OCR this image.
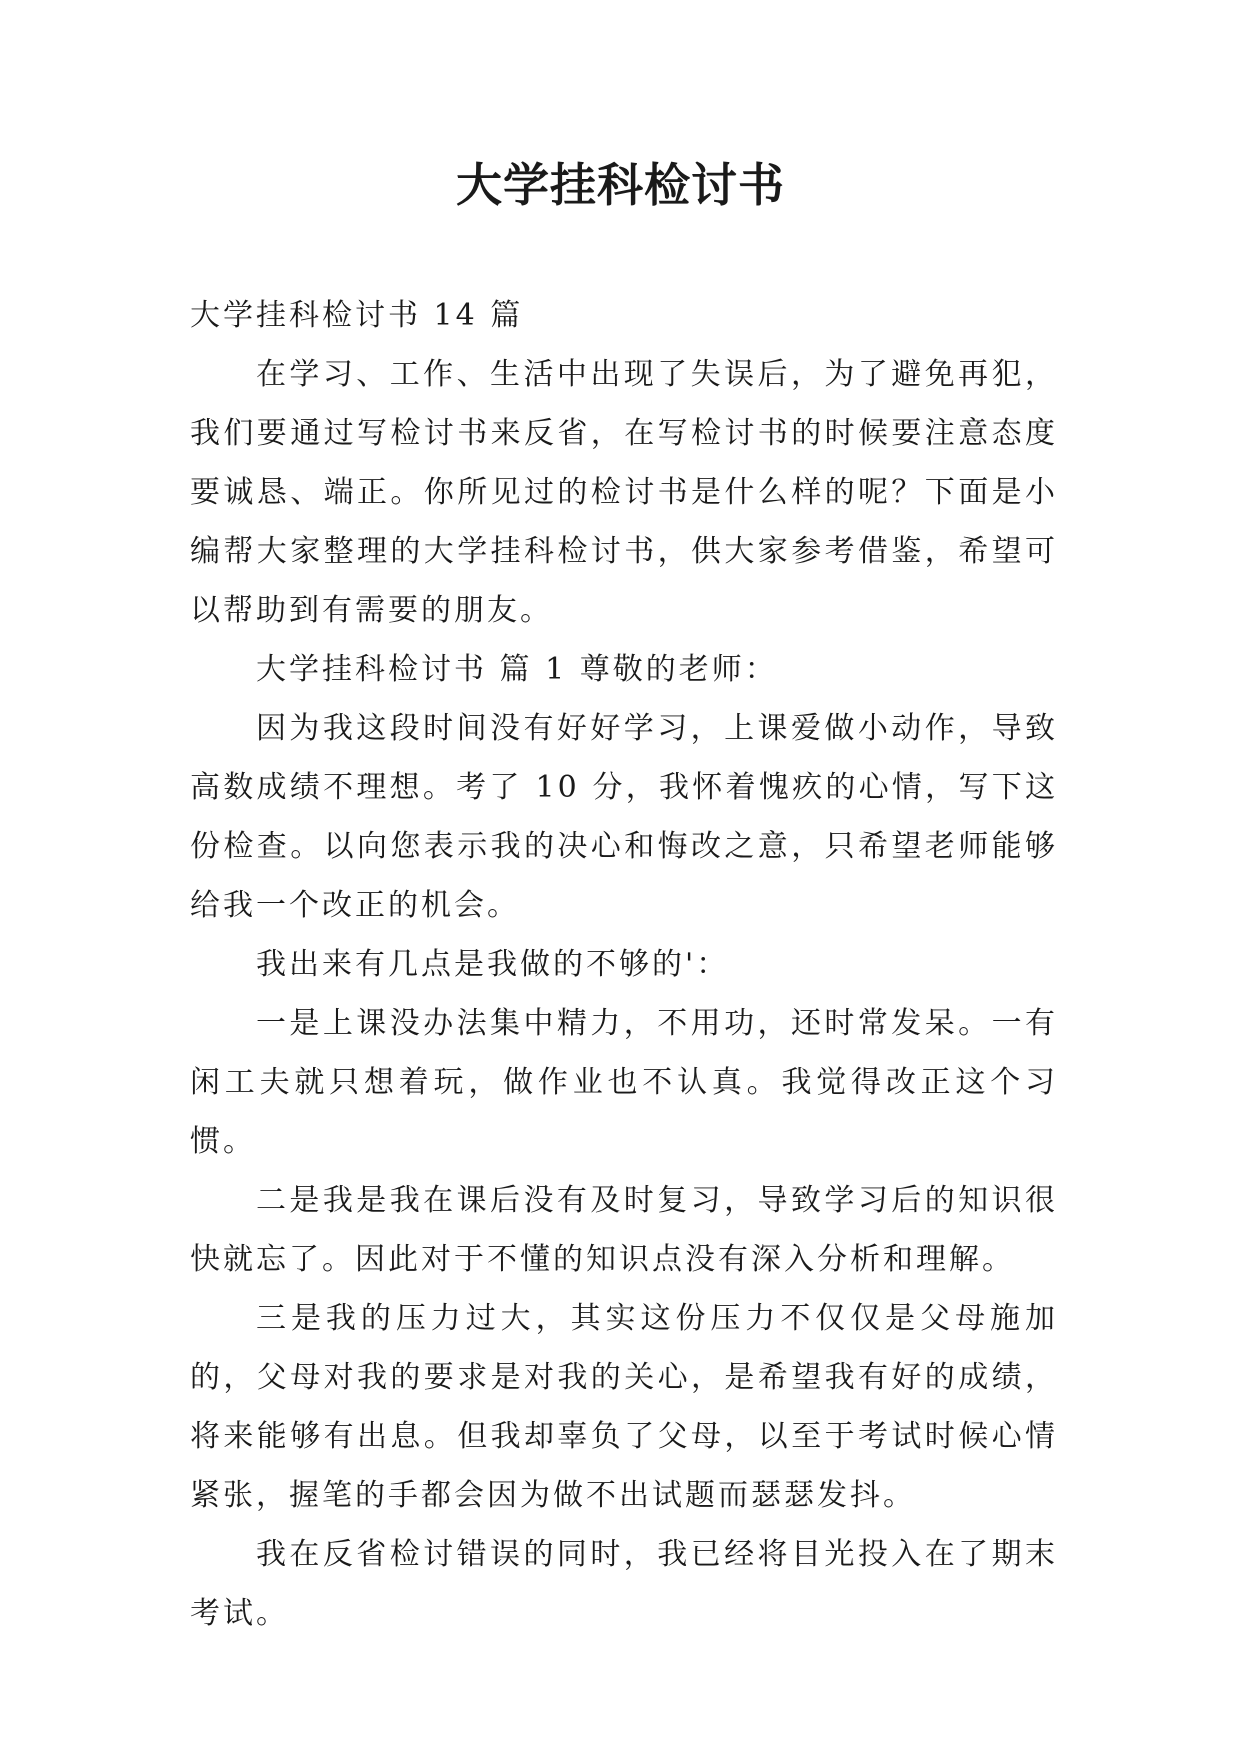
大学挂科检讨书

大学挂科检讨书 14 篇

在学习、工作、生活中出现了失误后，为了避免再犯，我们要通过写检讨书来反省，在写检讨书的时候要注意态度要诚恳、端正。你所见过的检讨书是什么样的呢？下面是小编帮大家整理的大学挂科检讨书，供大家参考借鉴，希望可以帮助到有需要的朋友。

大学挂科检讨书 篇 1 尊敬的老师：

因为我这段时间没有好好学习，上课爱做小动作，导致高数成绩不理想。考了 10 分，我怀着愧疚的心情，写下这份检查。以向您表示我的决心和悔改之意，只希望老师能够给我一个改正的机会。

我出来有几点是我做的不够的'：

一是上课没办法集中精力，不用功，还时常发呆。一有闲工夫就只想着玩，做作业也不认真。我觉得改正这个习惯。

二是我是我在课后没有及时复习，导致学习后的知识很快就忘了。因此对于不懂的知识点没有深入分析和理解。

三是我的压力过大，其实这份压力不仅仅是父母施加的，父母对我的要求是对我的关心，是希望我有好的成绩，将来能够有出息。但我却辜负了父母，以至于考试时候心情紧张，握笔的手都会因为做不出试题而瑟瑟发抖。

我在反省检讨错误的同时，我已经将目光投入在了期末考试。
